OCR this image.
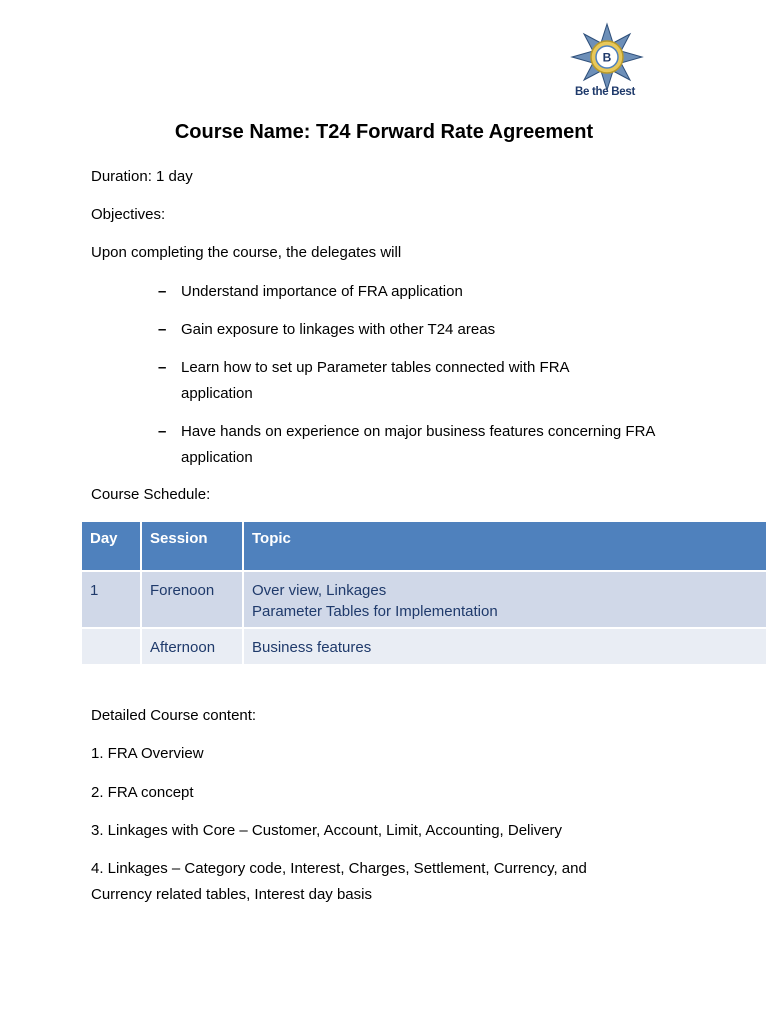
B
Be the Best
Course Name: T24 Forward Rate Agreement
Duration: 1 day
Objectives:
Upon completing the course, the delegates will
– Understand importance of FRA application
– Gain exposure to linkages with other T24 areas
– Learn how to set up Parameter tables connected with FRA application
– Have hands on experience on major business features concerning FRA application
Course Schedule:
Day	Session	Topic
1	Forenoon	Over view, Linkages
Parameter Tables for Implementation

	Afternoon	Business features
Detailed Course content:
1. FRA Overview
2. FRA concept
3. Linkages with Core – Customer, Account, Limit, Accounting, Delivery
4. Linkages – Category code, Interest, Charges, Settlement, Currency, and Currency related tables, Interest day basis
